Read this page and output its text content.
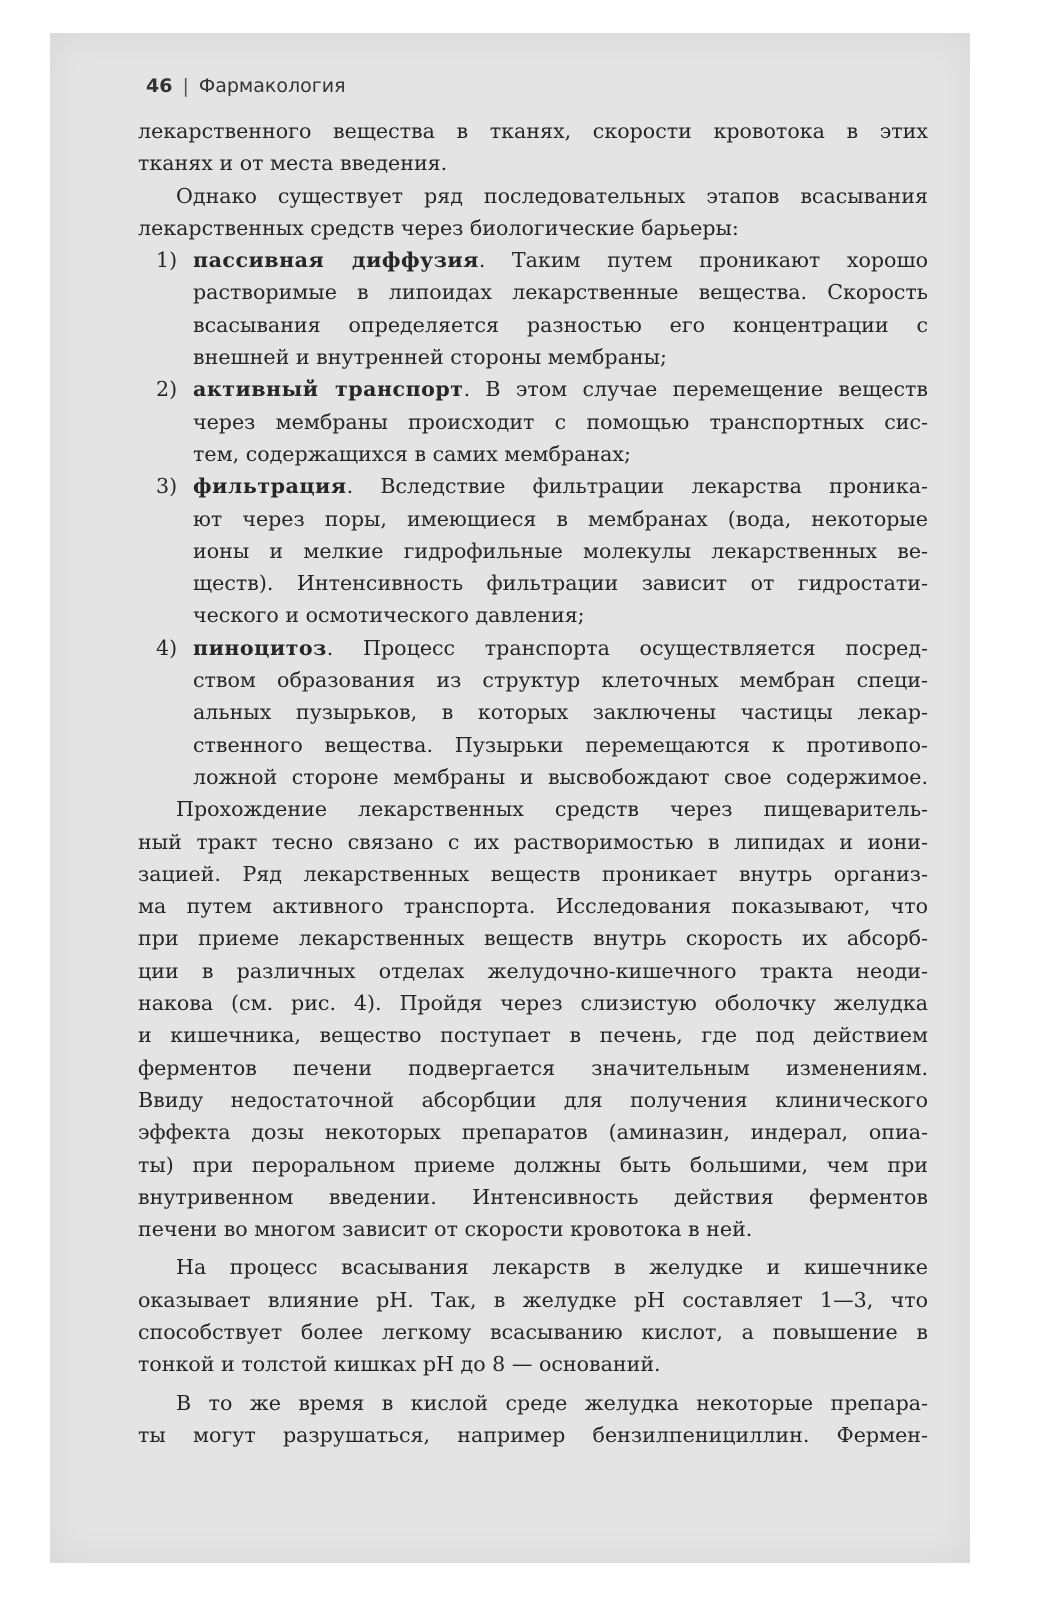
46 | Фармакология
лекарственного вещества в тканях, скорости кровотока в этих
тканях и от места введения.
Однако существует ряд последовательных этапов всасывания
лекарственных средств через биологические барьеры:
1) пассивная диффузия. Таким путем проникают хорошо
растворимые в липоидах лекарственные вещества. Скорость
всасывания определяется разностью его концентрации с
внешней и внутренней стороны мембраны;
2) активный транспорт. В этом случае перемещение веществ
через мембраны происходит с помощью транспортных сис-
тем, содержащихся в самих мембранах;
3) фильтрация. Вследствие фильтрации лекарства проника-
ют через поры, имеющиеся в мембранах (вода, некоторые
ионы и мелкие гидрофильные молекулы лекарственных ве-
ществ). Интенсивность фильтрации зависит от гидростати-
ческого и осмотического давления;
4) пиноцитоз. Процесс транспорта осуществляется посред-
ством образования из структур клеточных мембран специ-
альных пузырьков, в которых заключены частицы лекар-
ственного вещества. Пузырьки перемещаются к противопо-
ложной стороне мембраны и высвобождают свое содержимое.
Прохождение лекарственных средств через пищеваритель-
ный тракт тесно связано с их растворимостью в липидах и иони-
зацией. Ряд лекарственных веществ проникает внутрь организ-
ма путем активного транспорта. Исследования показывают, что
при приеме лекарственных веществ внутрь скорость их абсорб-
ции в различных отделах желудочно-кишечного тракта неоди-
накова (см. рис. 4). Пройдя через слизистую оболочку желудка
и кишечника, вещество поступает в печень, где под действием
ферментов печени подвергается значительным изменениям.
Ввиду недостаточной абсорбции для получения клинического
эффекта дозы некоторых препаратов (аминазин, индерал, опиа-
ты) при пероральном приеме должны быть большими, чем при
внутривенном введении. Интенсивность действия ферментов
печени во многом зависит от скорости кровотока в ней.
На процесс всасывания лекарств в желудке и кишечнике
оказывает влияние pH. Так, в желудке pH составляет 1—3, что
способствует более легкому всасыванию кислот, а повышение в
тонкой и толстой кишках pH до 8 — оснований.
В то же время в кислой среде желудка некоторые препара-
ты могут разрушаться, например бензилпенициллин. Фермен-
